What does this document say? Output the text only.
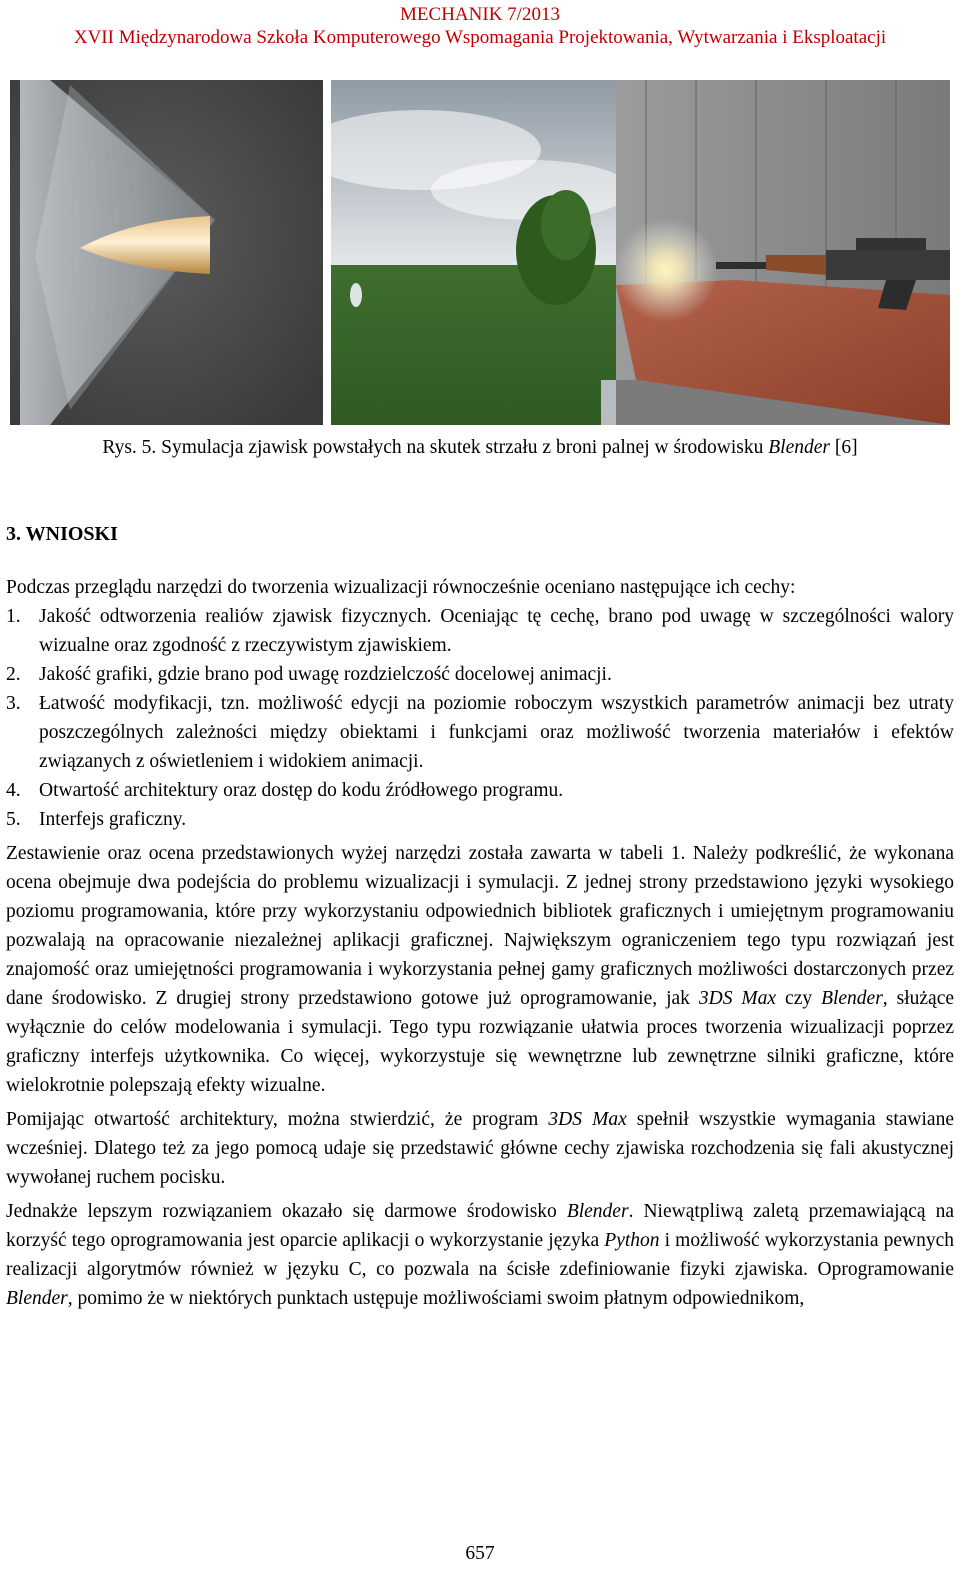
MECHANIK 7/2013
XVII Międzynarodowa Szkoła Komputerowego Wspomagania Projektowania, Wytwarzania i Eksploatacji
Rys. 5. Symulacja zjawisk powstałych na skutek strzału z broni palnej w środowisku Blender [6]
3. WNIOSKI

Podczas przeglądu narzędzi do tworzenia wizualizacji równocześnie oceniano następujące ich cechy:

1. Jakość odtworzenia realiów zjawisk fizycznych. Oceniając tę cechę, brano pod uwagę w szczególności walory wizualne oraz zgodność z rzeczywistym zjawiskiem.
2. Jakość grafiki, gdzie brano pod uwagę rozdzielczość docelowej animacji.
3. Łatwość modyfikacji, tzn. możliwość edycji na poziomie roboczym wszystkich parametrów animacji bez utraty poszczególnych zależności między obiektami i funkcjami oraz możliwość tworzenia materiałów i efektów związanych z oświetleniem i widokiem animacji.
4. Otwartość architektury oraz dostęp do kodu źródłowego programu.
5. Interfejs graficzny.

Zestawienie oraz ocena przedstawionych wyżej narzędzi została zawarta w tabeli 1. Należy podkreślić, że wykonana ocena obejmuje dwa podejścia do problemu wizualizacji i symulacji. Z jednej strony przedstawiono języki wysokiego poziomu programowania, które przy wykorzystaniu odpowiednich bibliotek graficznych i umiejętnym programowaniu pozwalają na opracowanie niezależnej aplikacji graficznej. Największym ograniczeniem tego typu rozwiązań jest znajomość oraz umiejętności programowania i wykorzystania pełnej gamy graficznych możliwości dostarczonych przez dane środowisko. Z drugiej strony przedstawiono gotowe już oprogramowanie, jak 3DS Max czy Blender, służące wyłącznie do celów modelowania i symulacji. Tego typu rozwiązanie ułatwia proces tworzenia wizualizacji poprzez graficzny interfejs użytkownika. Co więcej, wykorzystuje się wewnętrzne lub zewnętrzne silniki graficzne, które wielokrotnie polepszają efekty wizualne.

Pomijając otwartość architektury, można stwierdzić, że program 3DS Max spełnił wszystkie wymagania stawiane wcześniej. Dlatego też za jego pomocą udaje się przedstawić główne cechy zjawiska rozchodzenia się fali akustycznej wywołanej ruchem pocisku.

Jednakże lepszym rozwiązaniem okazało się darmowe środowisko Blender. Niewątpliwą zaletą przemawiającą na korzyść tego oprogramowania jest oparcie aplikacji o wykorzystanie języka Python i możliwość wykorzystania pewnych realizacji algorytmów również w języku C, co pozwala na ścisłe zdefiniowanie fizyki zjawiska. Oprogramowanie Blender, pomimo że w niektórych punktach ustępuje możliwościami swoim płatnym odpowiednikom,

657
